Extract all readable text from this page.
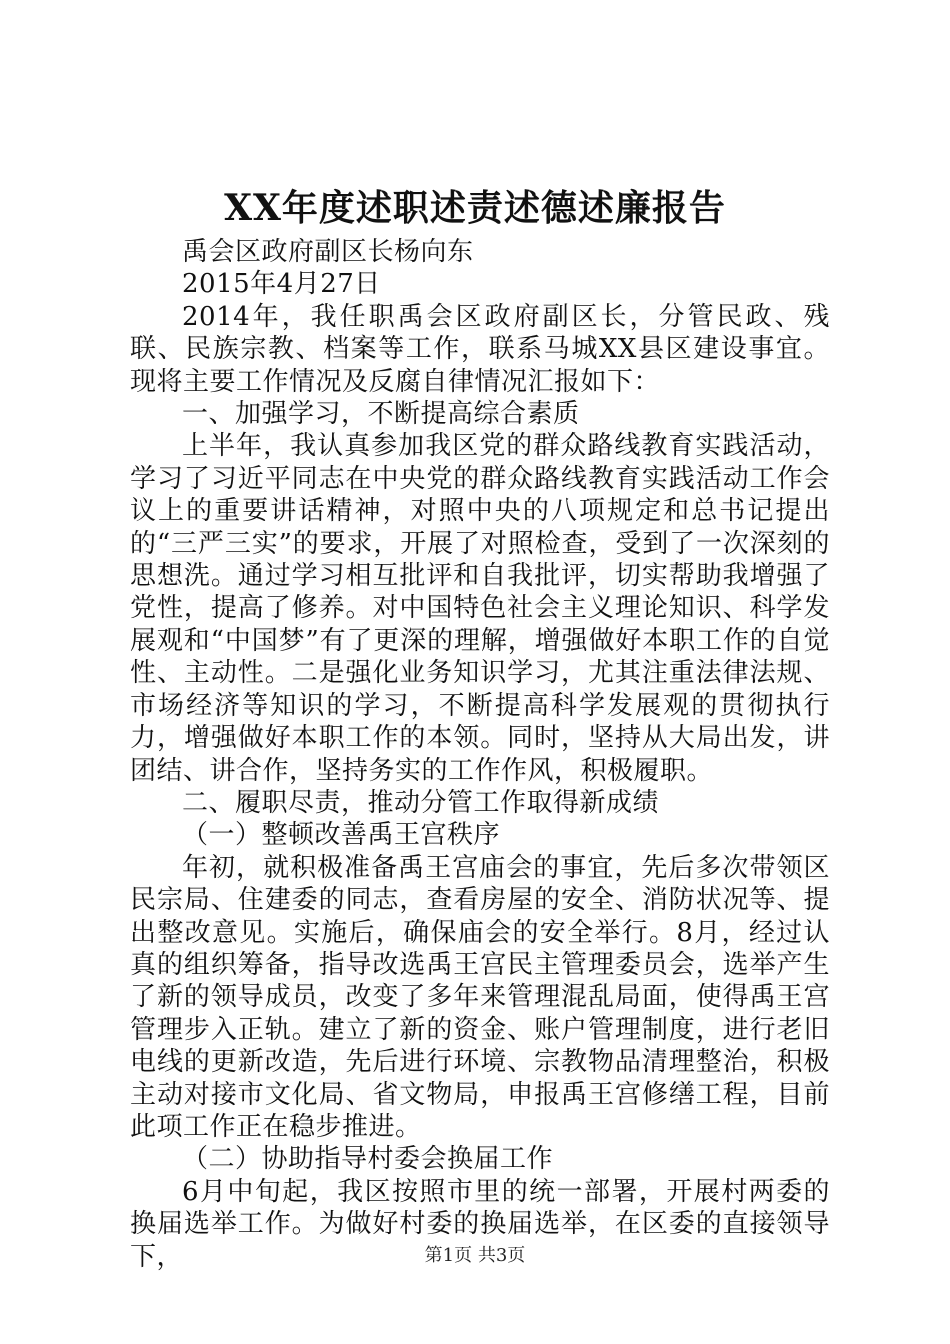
XX年度述职述责述德述廉报告

禹会区政府副区长杨向东

2015年4月27日

2014年，我任职禹会区政府副区长，分管民政、残联、民族宗教、档案等工作，联系马城XX县区建设事宜。现将主要工作情况及反腐自律情况汇报如下：

一、加强学习，不断提高综合素质

上半年，我认真参加我区党的群众路线教育实践活动，学习了习近平同志在中央党的群众路线教育实践活动工作会议上的重要讲话精神，对照中央的八项规定和总书记提出的“三严三实”的要求，开展了对照检查，受到了一次深刻的思想洗。通过学习相互批评和自我批评，切实帮助我增强了党性，提高了修养。对中国特色社会主义理论知识、科学发展观和“中国梦”有了更深的理解，增强做好本职工作的自觉性、主动性。二是强化业务知识学习，尤其注重法律法规、市场经济等知识的学习，不断提高科学发展观的贯彻执行力，增强做好本职工作的本领。同时，坚持从大局出发，讲团结、讲合作，坚持务实的工作作风，积极履职。

二、履职尽责，推动分管工作取得新成绩

（一）整顿改善禹王宫秩序

年初，就积极准备禹王宫庙会的事宜，先后多次带领区民宗局、住建委的同志，查看房屋的安全、消防状况等、提出整改意见。实施后，确保庙会的安全举行。8月，经过认真的组织筹备，指导改选禹王宫民主管理委员会，选举产生了新的领导成员，改变了多年来管理混乱局面，使得禹王宫管理步入正轨。建立了新的资金、账户管理制度，进行老旧电线的更新改造，先后进行环境、宗教物品清理整治，积极主动对接市文化局、省文物局，申报禹王宫修缮工程，目前此项工作正在稳步推进。

（二）协助指导村委会换届工作

6月中旬起，我区按照市里的统一部署，开展村两委的换届选举工作。为做好村委的换届选举，在区委的直接领导下，	第1页 共3页
